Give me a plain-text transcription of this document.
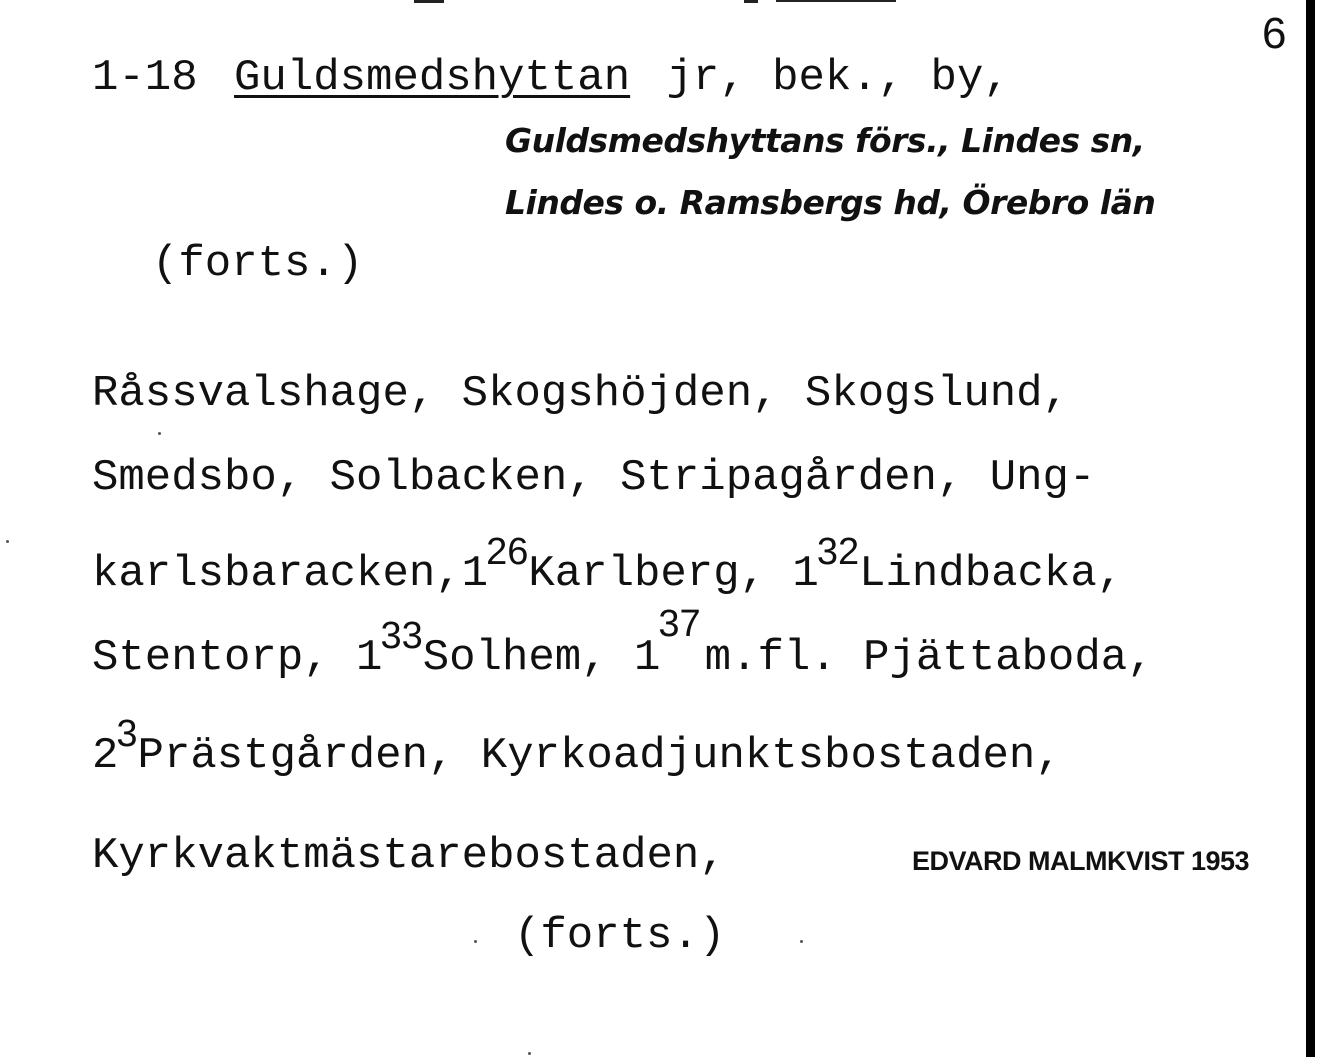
6
1-18 Guldsmedshyttan jr, bek., by,
Guldsmedshyttans förs., Lindes sn,
Lindes o. Ramsbergs hd, Örebro län
(forts.)
Råssvalshage, Skogshöjden, Skogslund,
Smedsbo, Solbacken, Stripagården, Ung-
$karlsbaracken,1^{26}Karlberg$, $1^{32}Lindbacka$,
Stentorp, $1^{33}Solhem$, $1^{37}m.fl$. Pjättaboda,
$2^3Prästgården$, Kyrkoadjunktsbostaden,
Kyrkvaktmästarebostaden,	EDVARD MALMKVIST 1953
(forts.)
